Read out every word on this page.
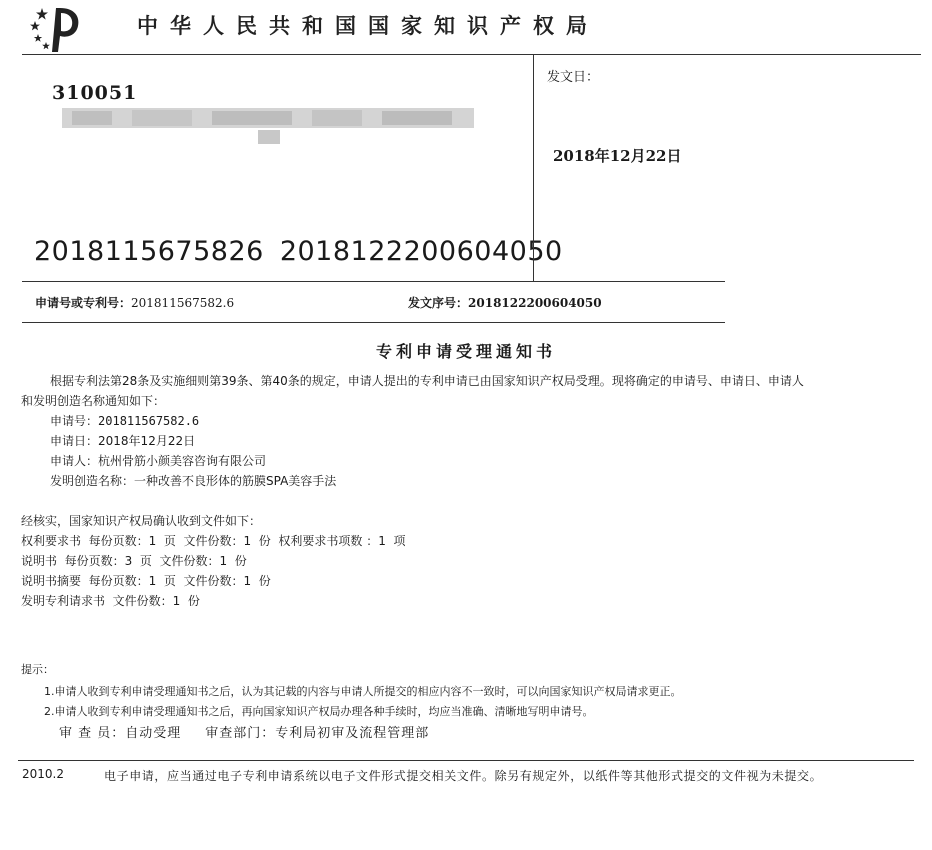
中华人民共和国国家知识产权局
310051
2018115675826 2018122200604050
发文日：
2018年12月22日
申请号或专利号：201811567582.6	发文序号：2018122200604050
专利申请受理通知书
根据专利法第28条及实施细则第39条、第40条的规定，申请人提出的专利申请已由国家知识产权局受理。现将确定的申请号、申请日、申请人
和发明创造名称通知如下：
申请号：201811567582.6
申请日：2018年12月22日
申请人：杭州骨筋小颜美容咨询有限公司
发明创造名称：一种改善不良形体的筋膜SPA美容手法
经核实，国家知识产权局确认收到文件如下：
权利要求书  每份页数：1  页  文件份数：1  份  权利要求书项数 ：1  项
说明书  每份页数：3  页  文件份数：1  份
说明书摘要  每份页数：1  页  文件份数：1  份
发明专利请求书  文件份数：1  份
提示：
1.申请人收到专利申请受理通知书之后，认为其记载的内容与申请人所提交的相应内容不一致时，可以向国家知识产权局请求更正。
2.申请人收到专利申请受理通知书之后，再向国家知识产权局办理各种手续时，均应当准确、清晰地写明申请号。
审 查 员：自动受理 审查部门：专利局初审及流程管理部
2010.2	电子申请，应当通过电子专利申请系统以电子文件形式提交相关文件。除另有规定外，以纸件等其他形式提交的文件视为未提交。
